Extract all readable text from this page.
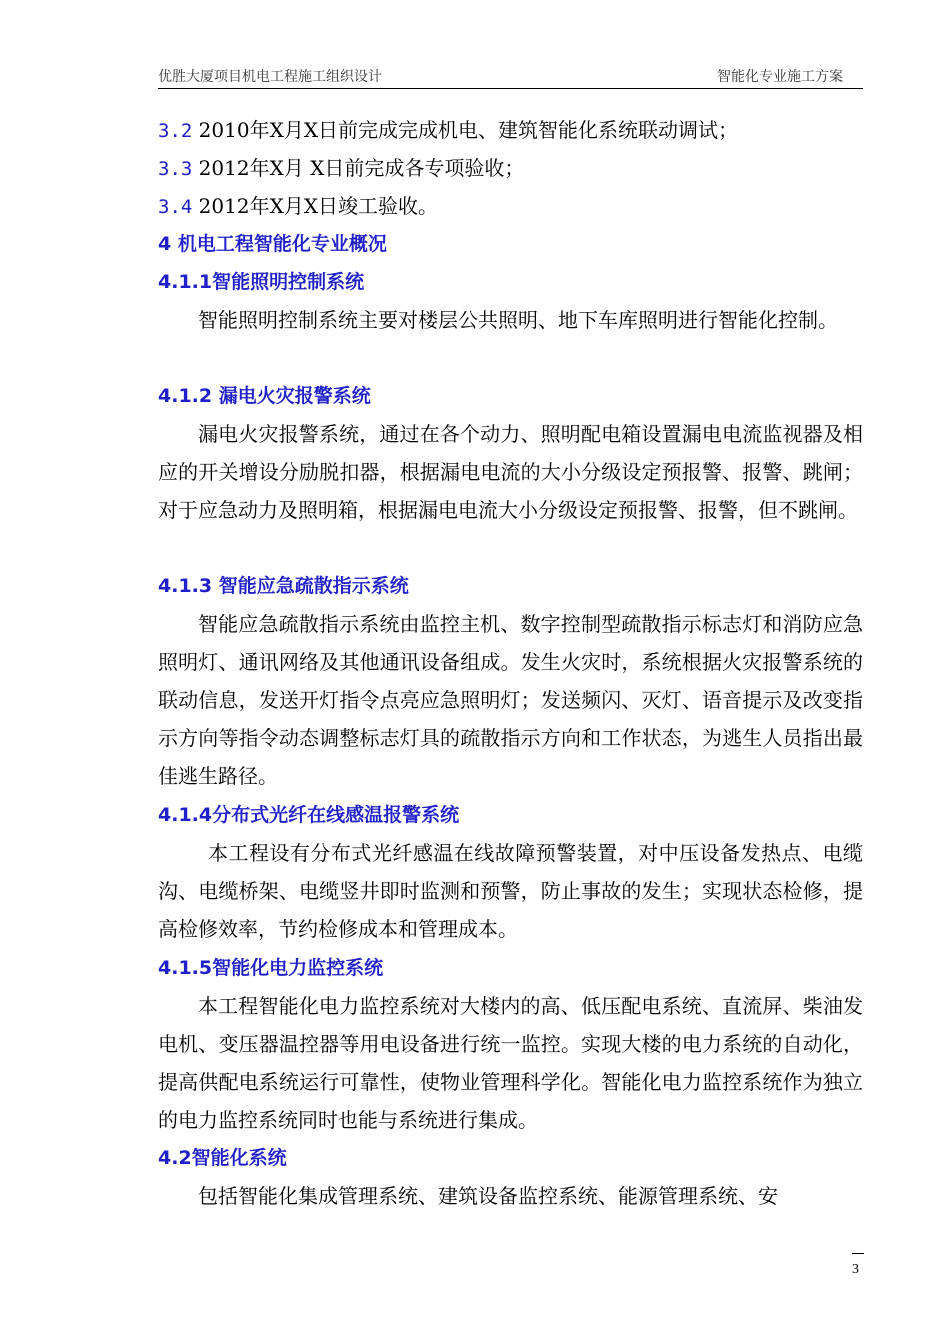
优胜大厦项目机电工程施工组织设计	智能化专业施工方案
3.2 2010年X月X日前完成完成机电、建筑智能化系统联动调试；
3.3 2012年X月 X日前完成各专项验收；
3.4 2012年X月X日竣工验收。
4 机电工程智能化专业概况
4.1.1智能照明控制系统
智能照明控制系统主要对楼层公共照明、地下车库照明进行智能化控制。
4.1.2 漏电火灾报警系统
漏电火灾报警系统，通过在各个动力、照明配电箱设置漏电电流监视器及相应的开关增设分励脱扣器，根据漏电电流的大小分级设定预报警、报警、跳闸；对于应急动力及照明箱，根据漏电电流大小分级设定预报警、报警，但不跳闸。
4.1.3 智能应急疏散指示系统
智能应急疏散指示系统由监控主机、数字控制型疏散指示标志灯和消防应急照明灯、通讯网络及其他通讯设备组成。发生火灾时，系统根据火灾报警系统的联动信息，发送开灯指令点亮应急照明灯；发送频闪、灭灯、语音提示及改变指示方向等指令动态调整标志灯具的疏散指示方向和工作状态，为逃生人员指出最佳逃生路径。
4.1.4分布式光纤在线感温报警系统
本工程设有分布式光纤感温在线故障预警装置，对中压设备发热点、电缆沟、电缆桥架、电缆竖井即时监测和预警，防止事故的发生；实现状态检修，提高检修效率，节约检修成本和管理成本。
4.1.5智能化电力监控系统
本工程智能化电力监控系统对大楼内的高、低压配电系统、直流屏、柴油发电机、变压器温控器等用电设备进行统一监控。实现大楼的电力系统的自动化，提高供配电系统运行可靠性，使物业管理科学化。智能化电力监控系统作为独立的电力监控系统同时也能与系统进行集成。
4.2智能化系统
包括智能化集成管理系统、建筑设备监控系统、能源管理系统、安
3
